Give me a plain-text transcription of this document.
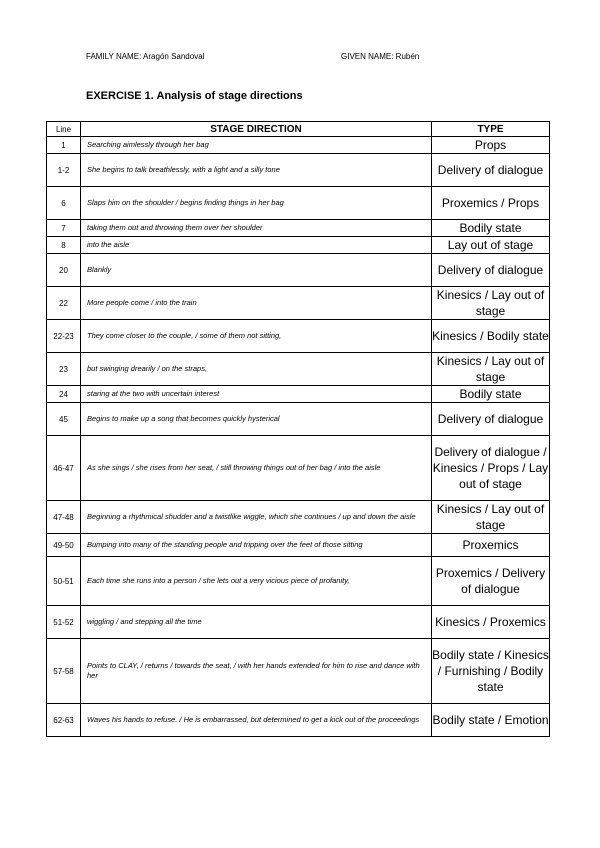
FAMILY NAME: Aragón Sandoval	GIVEN NAME: Rubén
EXERCISE 1. Analysis of stage directions
Line	STAGE DIRECTION	TYPE
1	Searching aimlessly through her bag	Props
1-2	She begins to talk breathlessly, with a light and a silly tone	Delivery of dialogue
6	Slaps him on the shoulder / begins finding things in her bag	Proxemics / Props
7	taking them out and throwing them over her shoulder	Bodily state
8	into the aisle	Lay out of stage
20	Blankly	Delivery of dialogue
22	More people come / into the train	Kinesics / Lay out of stage
22-23	They come closer to the couple, / some of them not sitting,	Kinesics / Bodily state
23	but swinging drearily / on the straps,	Kinesics / Lay out of stage
24	staring at the two with uncertain interest	Bodily state
45	Begins to make up a song that becomes quickly hysterical	Delivery of dialogue
46-47	As she sings / she rises from her seat, / still throwing things out of her bag / into the aisle	Delivery of dialogue / Kinesics / Props / Lay out of stage
47-48	Beginning a rhythmical shudder and a twistlike wiggle, which she continues / up and down the aisle	Kinesics / Lay out of stage
49-50	Bumping into many of the standing people and tripping over the feet of those sitting	Proxemics
50-51	Each time she runs into a person / she lets out a very vicious piece of profanity,	Proxemics / Delivery of dialogue
51-52	wiggling / and stepping all the time	Kinesics / Proxemics
57-58	Points to CLAY, / returns / towards the seat, / with her hands extended for him to rise and dance with her	Bodily state / Kinesics / Furnishing / Bodily state
62-63	Waves his hands to refuse. / He is embarrassed, but determined to get a kick out of the proceedings	Bodily state / Emotion
